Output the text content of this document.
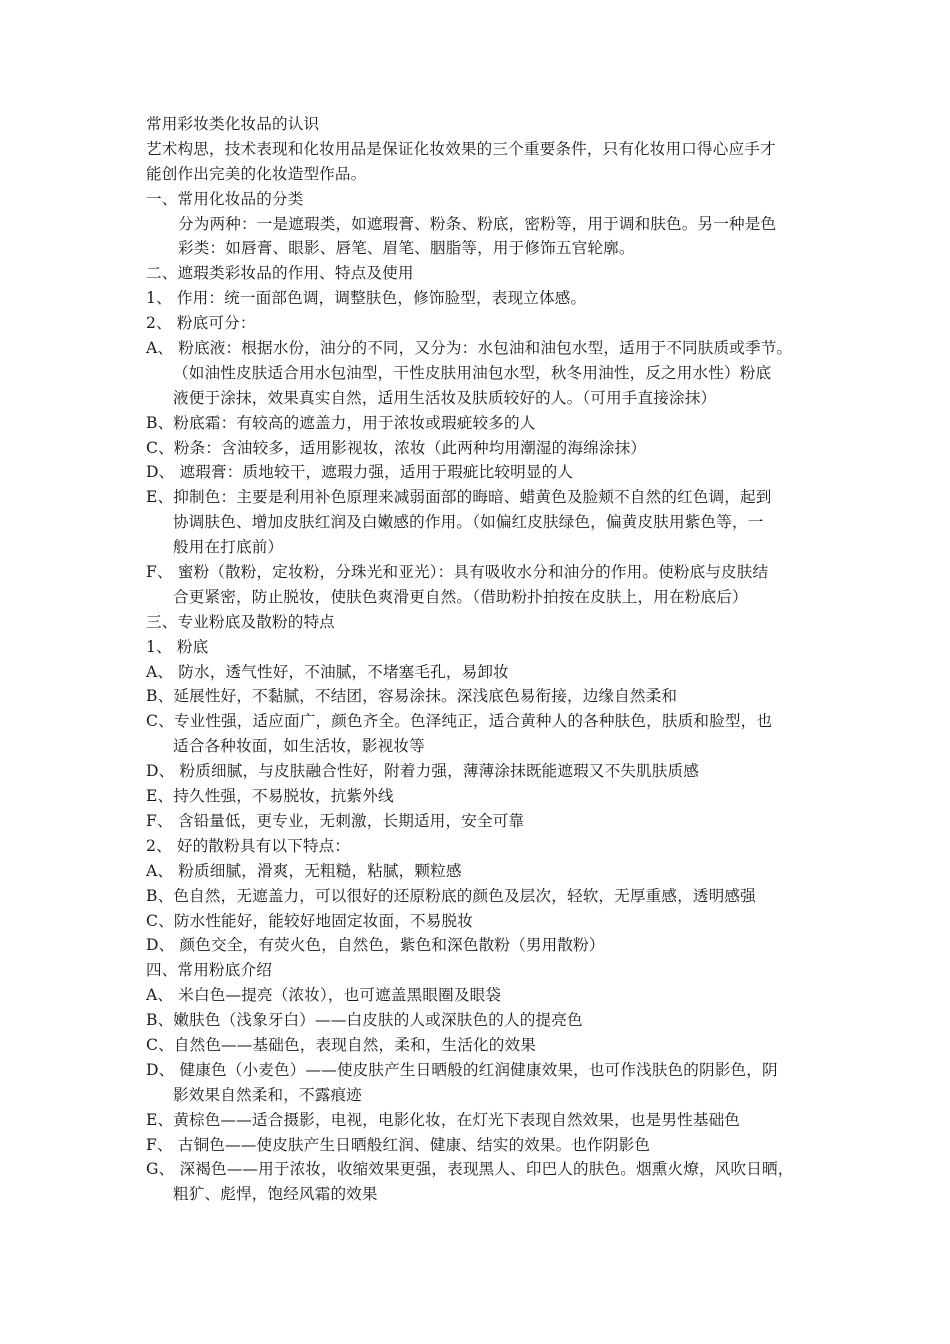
常用彩妆类化妆品的认识
艺术构思，技术表现和化妆用品是保证化妆效果的三个重要条件，只有化妆用口得心应手才
能创作出完美的化妆造型作品。
一、常用化妆品的分类
分为两种：一是遮瑕类，如遮瑕膏、粉条、粉底，密粉等，用于调和肤色。另一种是色
彩类：如唇膏、眼影、唇笔、眉笔、胭脂等，用于修饰五官轮廓。
二、遮瑕类彩妆品的作用、特点及使用
1、 作用：统一面部色调，调整肤色，修饰脸型，表现立体感。
2、 粉底可分：
A、 粉底液：根据水份，油分的不同，又分为：水包油和油包水型，适用于不同肤质或季节。
（如油性皮肤适合用水包油型，干性皮肤用油包水型，秋冬用油性，反之用水性）粉底
液便于涂抹，效果真实自然，适用生活妆及肤质较好的人。（可用手直接涂抹）
B、粉底霜：有较高的遮盖力，用于浓妆或瑕疵较多的人
C、粉条：含油较多，适用影视妆，浓妆（此两种均用潮湿的海绵涂抹）
D、 遮瑕膏：质地较干，遮瑕力强，适用于瑕疵比较明显的人
E、抑制色：主要是利用补色原理来减弱面部的晦暗、蜡黄色及脸颊不自然的红色调，起到
协调肤色、增加皮肤红润及白嫩感的作用。（如偏红皮肤绿色，偏黄皮肤用紫色等，一
般用在打底前）
F、 蜜粉（散粉，定妆粉，分珠光和亚光）：具有吸收水分和油分的作用。使粉底与皮肤结
合更紧密，防止脱妆，使肤色爽滑更自然。（借助粉扑拍按在皮肤上，用在粉底后）
三、专业粉底及散粉的特点
1、 粉底
A、 防水，透气性好，不油腻，不堵塞毛孔，易卸妆
B、延展性好，不黏腻，不结团，容易涂抹。深浅底色易衔接，边缘自然柔和
C、专业性强，适应面广，颜色齐全。色泽纯正，适合黄种人的各种肤色，肤质和脸型，也
适合各种妆面，如生活妆，影视妆等
D、 粉质细腻，与皮肤融合性好，附着力强，薄薄涂抹既能遮瑕又不失肌肤质感
E、持久性强，不易脱妆，抗紫外线
F、 含铅量低，更专业，无刺激，长期适用，安全可靠
2、 好的散粉具有以下特点：
A、 粉质细腻，滑爽，无粗糙，粘腻，颗粒感
B、色自然，无遮盖力，可以很好的还原粉底的颜色及层次，轻软，无厚重感，透明感强
C、防水性能好，能较好地固定妆面，不易脱妆
D、 颜色交全，有荧火色，自然色，紫色和深色散粉（男用散粉）
四、常用粉底介绍
A、 米白色—提亮（浓妆），也可遮盖黑眼圈及眼袋
B、嫩肤色（浅象牙白）——白皮肤的人或深肤色的人的提亮色
C、自然色——基础色，表现自然，柔和，生活化的效果
D、 健康色（小麦色）——使皮肤产生日晒般的红润健康效果，也可作浅肤色的阴影色，阴
影效果自然柔和，不露痕迹
E、黄棕色——适合摄影，电视，电影化妆，在灯光下表现自然效果，也是男性基础色
F、 古铜色——使皮肤产生日晒般红润、健康、结实的效果。也作阴影色
G、 深褐色——用于浓妆，收缩效果更强，表现黑人、印巴人的肤色。烟熏火燎，风吹日晒，
粗犷、彪悍，饱经风霜的效果
